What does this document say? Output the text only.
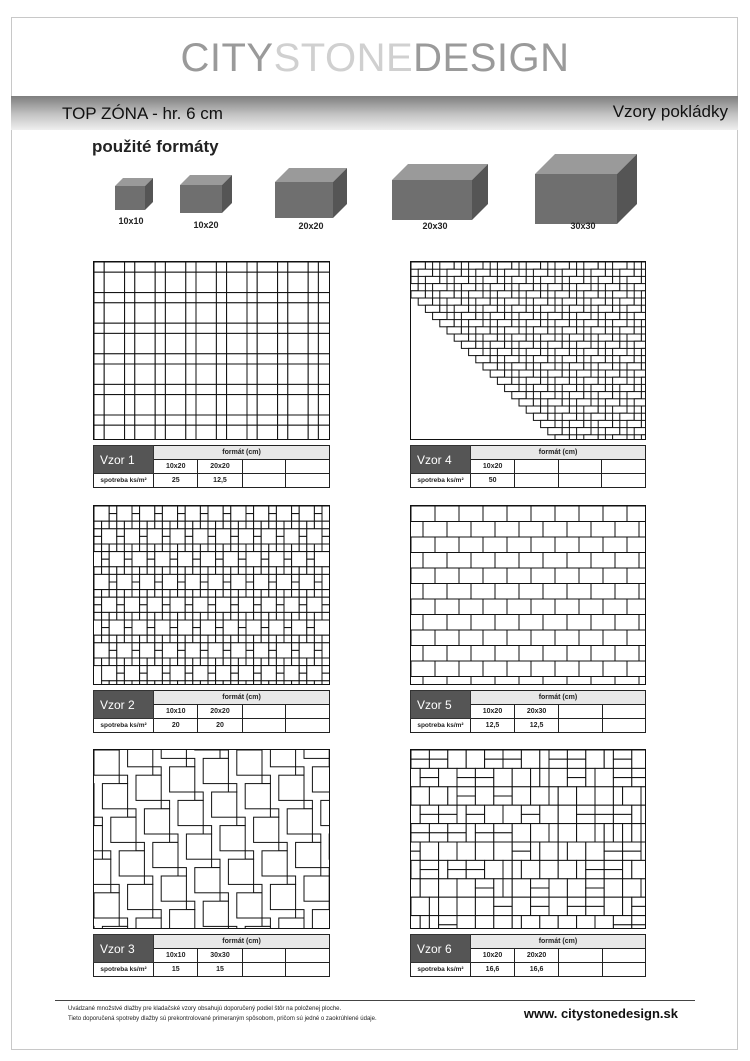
CITYSTONEDESIGN
TOP ZÓNA - hr. 6 cm	Vzory pokládky
použité formáty
10x10	10x20	20x20	20x30	30x30
Vzor 1	formát (cm)			
	10x20	20x20		
spotreba ks/m²	25	12,5		
Vzor 4	formát (cm)			
	10x20			
spotreba ks/m²	50			
Vzor 2	formát (cm)			
	10x10	20x20		
spotreba ks/m²	20	20		
Vzor 5	formát (cm)			
	10x20	20x30		
spotreba ks/m²	12,5	12,5		
Vzor 3	formát (cm)			
	10x10	30x30		
spotreba ks/m²	15	15		
Vzor 6	formát (cm)			
	10x20	20x20		
spotreba ks/m²	16,6	16,6		
Uvádzané množstvé dlažby pre kladačské vzory obsahujú doporučený podiel štôr na položenej ploche.
Tieto doporučená spotreby dlažby sú prekontrolované primeraným spôsobom, pričom sú jedné o zaokrúhlené údaje.	www. citystonedesign.sk
